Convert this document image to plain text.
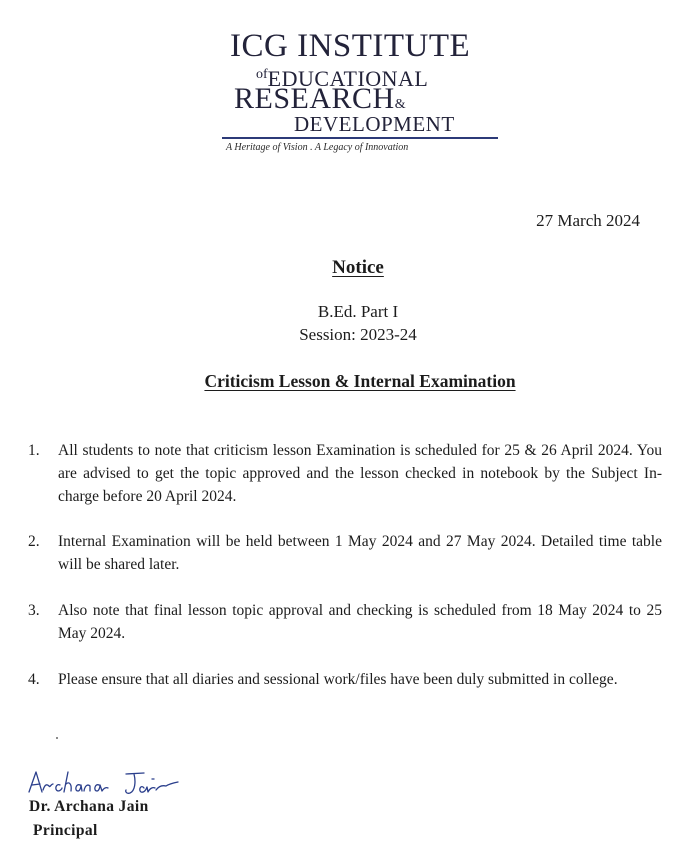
ICG INSTITUTE
ofEDUCATIONAL
RESEARCH&
DEVELOPMENT
A Heritage of Vision . A Legacy of Innovation
27 March 2024
Notice
B.Ed. Part I
Session: 2023-24
Criticism Lesson & Internal Examination
1. All students to note that criticism lesson Examination is scheduled for 25 & 26 April 2024. You are advised to get the topic approved and the lesson checked in notebook by the Subject In-charge before 20 April 2024.
2. Internal Examination will be held between 1 May 2024 and 27 May 2024. Detailed time table will be shared later.
3. Also note that final lesson topic approval and checking is scheduled from 18 May 2024 to 25 May 2024.
4. Please ensure that all diaries and sessional work/files have been duly submitted in college.
Dr. Archana Jain
Principal
